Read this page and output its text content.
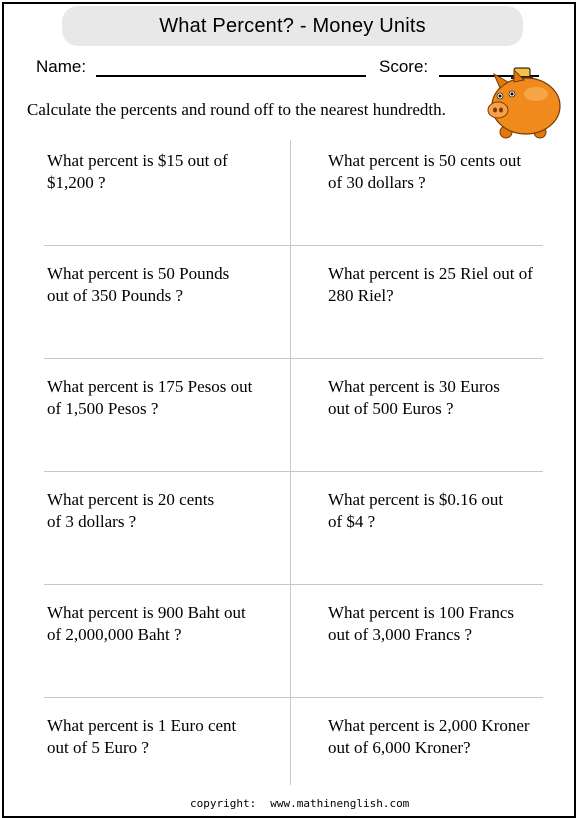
What Percent? - Money Units
Name:	Score:
Calculate the percents and round off to the nearest hundredth.
What percent is $15 out of
$1,200 ?
What percent is 50 cents out
of 30 dollars ?
What percent is 50 Pounds
out of 350 Pounds ?
What percent is 25 Riel out of
280 Riel?
What percent is 175 Pesos out
of 1,500 Pesos ?
What percent is 30 Euros
out of 500 Euros ?
What percent is 20 cents
of 3 dollars ?
What percent is $0.16 out
of $4 ?
What percent is 900 Baht out
of 2,000,000 Baht ?
What percent is 100 Francs
out of 3,000 Francs ?
What percent is 1 Euro cent
out of 5 Euro ?
What percent is 2,000 Kroner
out of 6,000 Kroner?
copyright: www.mathinenglish.com
